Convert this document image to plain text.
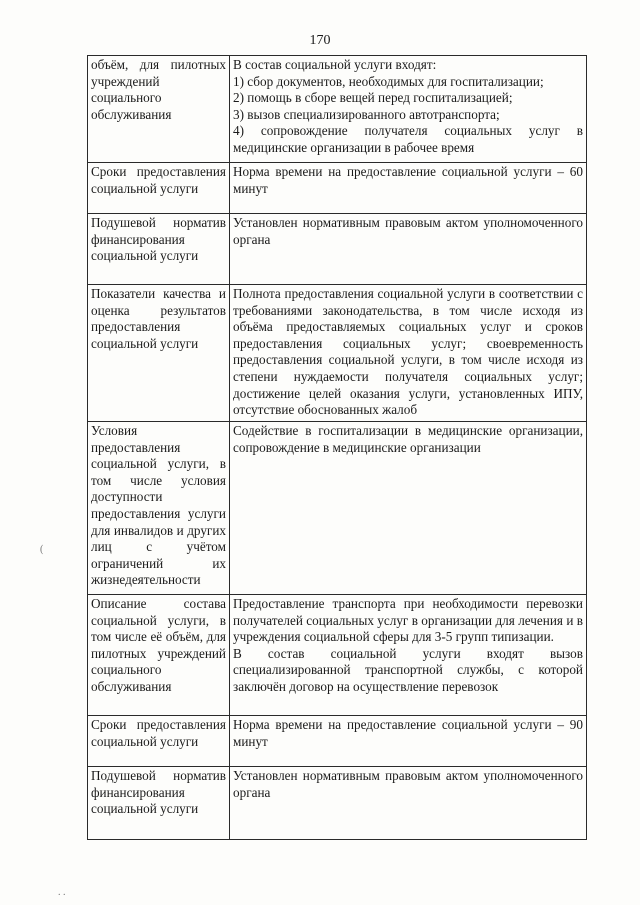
170
объём, для пилотных учреждений социального обслуживания	В состав социальной услуги входят:
1) сбор документов, необходимых для госпитализации;
2) помощь в сборе вещей перед госпитализацией;
3) вызов специализированного автотранспорта;
4) сопровождение получателя социальных услуг в медицинские организации в рабочее время

Сроки предоставления социальной услуги	Норма времени на предоставление социальной услуги – 60 минут

Подушевой норматив финансирования социальной услуги	Установлен нормативным правовым актом уполномоченного органа

Показатели качества и оценка результатов предоставления социальной услуги	Полнота предоставления социальной услуги в соответствии с требованиями законодательства, в том числе исходя из объёма предоставляемых социальных услуг и сроков предоставления социальных услуг; своевременность предоставления социальной услуги, в том числе исходя из степени нуждаемости получателя социальных услуг; достижение целей оказания услуги, установленных ИПУ, отсутствие обоснованных жалоб

Условия предоставления социальной услуги, в том числе условия доступности предоставления услуги для инвалидов и других лиц с учётом ограничений их жизнедеятельности	Содействие в госпитализации в медицинские организации, сопровождение в медицинские организации

Описание состава социальной услуги, в том числе её объём, для пилотных учреждений социального обслуживания	Предоставление транспорта при необходимости перевозки получателей социальных услуг в организации для лечения и в учреждения социальной сферы для 3-5 групп типизации.
В состав социальной услуги входят вызов специализированной транспортной службы, с которой заключён договор на осуществление перевозок

Сроки предоставления социальной услуги	Норма времени на предоставление социальной услуги – 90 минут

Подушевой норматив финансирования социальной услуги	Установлен нормативным правовым актом уполномоченного органа
(
. .
